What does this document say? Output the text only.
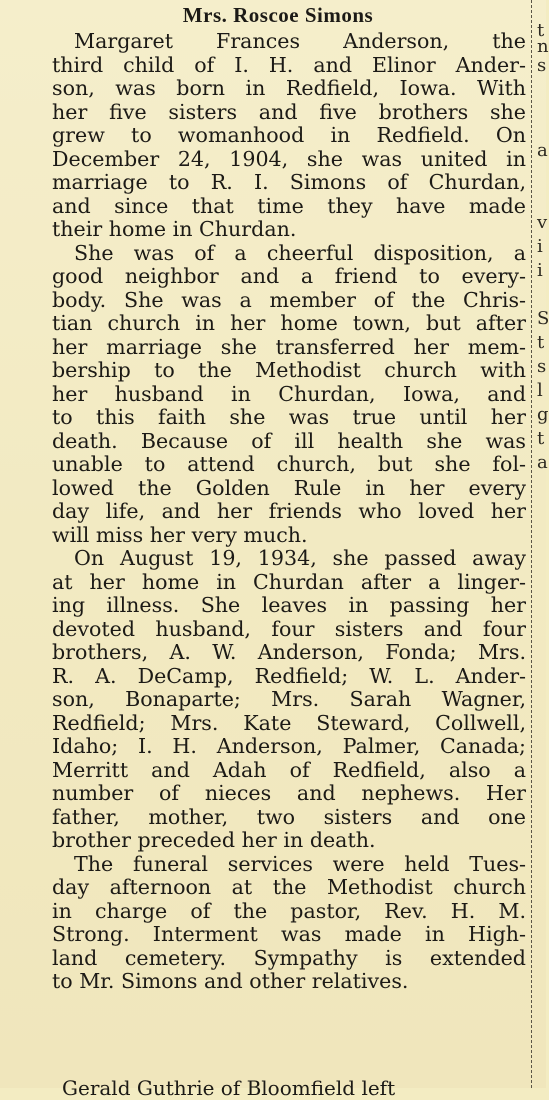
Mrs. Roscoe Simons
Margaret Frances Anderson, the
third child of I. H. and Elinor Ander-
son, was born in Redfield, Iowa. With
her five sisters and five brothers she
grew to womanhood in Redfield. On
December 24, 1904, she was united in
marriage to R. I. Simons of Churdan,
and since that time they have made
their home in Churdan.
She was of a cheerful disposition, a
good neighbor and a friend to every-
body. She was a member of the Chris-
tian church in her home town, but after
her marriage she transferred her mem-
bership to the Methodist church with
her husband in Churdan, Iowa, and
to this faith she was true until her
death. Because of ill health she was
unable to attend church, but she fol-
lowed the Golden Rule in her every
day life, and her friends who loved her
will miss her very much.
On August 19, 1934, she passed away
at her home in Churdan after a linger-
ing illness. She leaves in passing her
devoted husband, four sisters and four
brothers, A. W. Anderson, Fonda; Mrs.
R. A. DeCamp, Redfield; W. L. Ander-
son, Bonaparte; Mrs. Sarah Wagner,
Redfield; Mrs. Kate Steward, Collwell,
Idaho; I. H. Anderson, Palmer, Canada;
Merritt and Adah of Redfield, also a
number of nieces and nephews. Her
father, mother, two sisters and one
brother preceded her in death.
The funeral services were held Tues-
day afternoon at the Methodist church
in charge of the pastor, Rev. H. M.
Strong. Interment was made in High-
land cemetery. Sympathy is extended
to Mr. Simons and other relatives.
Gerald Guthrie of Bloomfield left
t
n
s
a
v
i
i
S
t
s
l
g
t
a
